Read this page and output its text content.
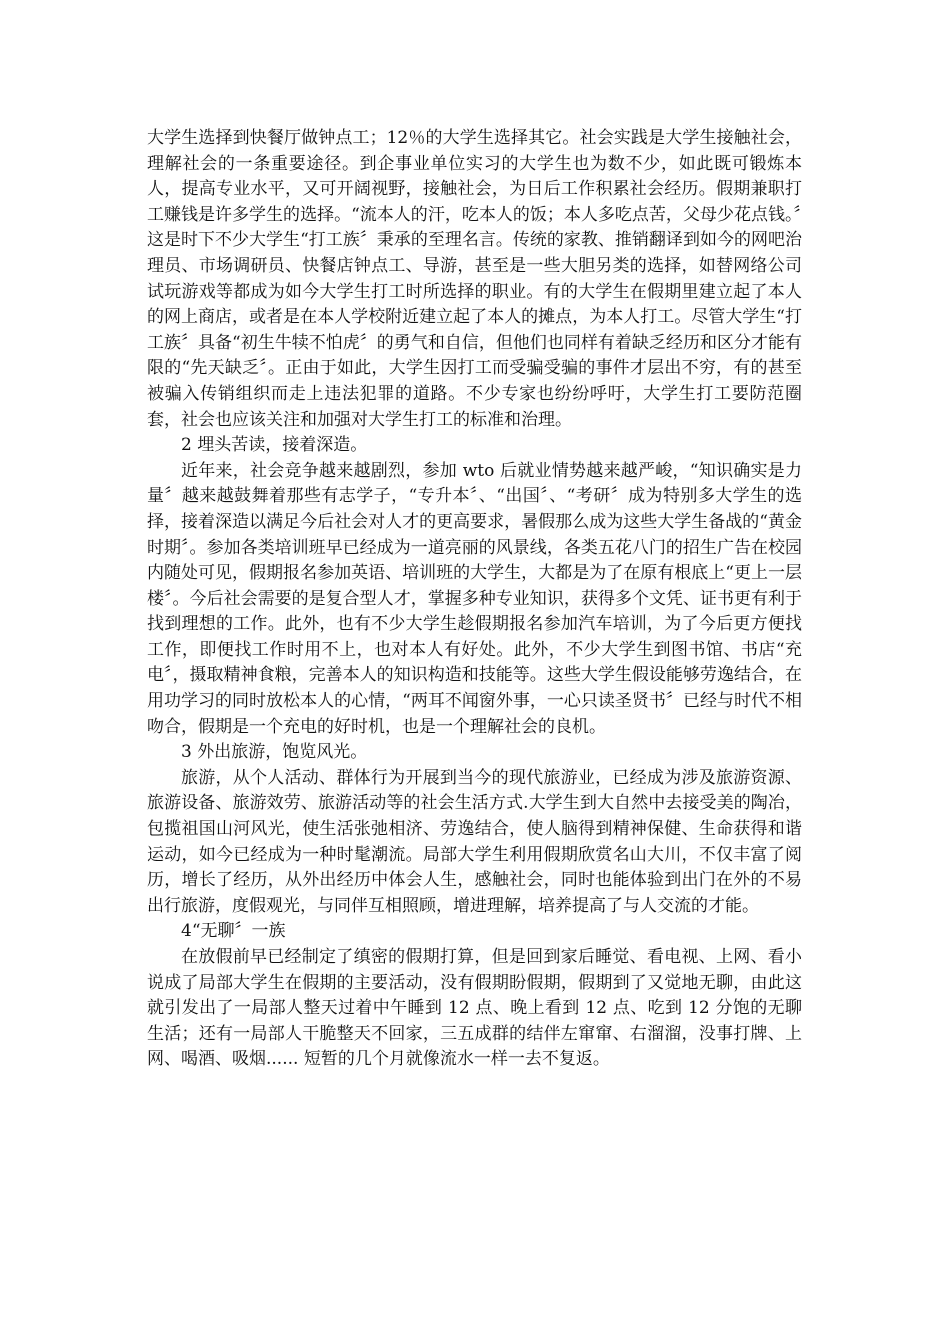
大学生选择到快餐厅做钟点工；12％的大学生选择其它。社会实践是大学生接触社会，理解社会的一条重要途径。到企事业单位实习的大学生也为数不少，如此既可锻炼本人，提高专业水平，又可开阔视野，接触社会，为日后工作积累社会经历。假期兼职打工赚钱是许多学生的选择。“流本人的汗，吃本人的饭；本人多吃点苦，父母少花点钱。〞这是时下不少大学生“打工族〞秉承的至理名言。传统的家教、推销翻译到如今的网吧治理员、市场调研员、快餐店钟点工、导游，甚至是一些大胆另类的选择，如替网络公司试玩游戏等都成为如今大学生打工时所选择的职业。有的大学生在假期里建立起了本人的网上商店，或者是在本人学校附近建立起了本人的摊点，为本人打工。尽管大学生“打工族〞具备“初生牛犊不怕虎〞的勇气和自信，但他们也同样有着缺乏经历和区分才能有限的“先天缺乏〞。正由于如此，大学生因打工而受骗受骗的事件才层出不穷，有的甚至被骗入传销组织而走上违法犯罪的道路。不少专家也纷纷呼吁，大学生打工要防范圈套，社会也应该关注和加强对大学生打工的标准和治理。

2 埋头苦读，接着深造。

近年来，社会竞争越来越剧烈，参加 wto 后就业情势越来越严峻，“知识确实是力量〞越来越鼓舞着那些有志学子，“专升本〞、“出国〞、“考研〞成为特别多大学生的选择，接着深造以满足今后社会对人才的更高要求，暑假那么成为这些大学生备战的“黄金时期〞。参加各类培训班早已经成为一道亮丽的风景线，各类五花八门的招生广告在校园内随处可见，假期报名参加英语、培训班的大学生，大都是为了在原有根底上“更上一层楼〞。今后社会需要的是复合型人才，掌握多种专业知识，获得多个文凭、证书更有利于找到理想的工作。此外，也有不少大学生趁假期报名参加汽车培训，为了今后更方便找工作，即便找工作时用不上，也对本人有好处。此外，不少大学生到图书馆、书店“充电〞，摄取精神食粮，完善本人的知识构造和技能等。这些大学生假设能够劳逸结合，在用功学习的同时放松本人的心情，“两耳不闻窗外事，一心只读圣贤书〞已经与时代不相吻合，假期是一个充电的好时机，也是一个理解社会的良机。

3 外出旅游，饱览风光。

旅游，从个人活动、群体行为开展到当今的现代旅游业，已经成为涉及旅游资源、旅游设备、旅游效劳、旅游活动等的社会生活方式.大学生到大自然中去接受美的陶冶，包揽祖国山河风光，使生活张弛相济、劳逸结合，使人脑得到精神保健、生命获得和谐运动，如今已经成为一种时髦潮流。局部大学生利用假期欣赏名山大川，不仅丰富了阅历，增长了经历，从外出经历中体会人生，感触社会，同时也能体验到出门在外的不易出行旅游，度假观光，与同伴互相照顾，增进理解，培养提高了与人交流的才能。

4“无聊〞一族

在放假前早已经制定了缜密的假期打算，但是回到家后睡觉、看电视、上网、看小说成了局部大学生在假期的主要活动，没有假期盼假期，假期到了又觉地无聊，由此这就引发出了一局部人整天过着中午睡到 12 点、晚上看到 12 点、吃到 12 分饱的无聊生活；还有一局部人干脆整天不回家，三五成群的结伴左窜窜、右溜溜，没事打牌、上网、喝酒、吸烟...... 短暂的几个月就像流水一样一去不复返。
